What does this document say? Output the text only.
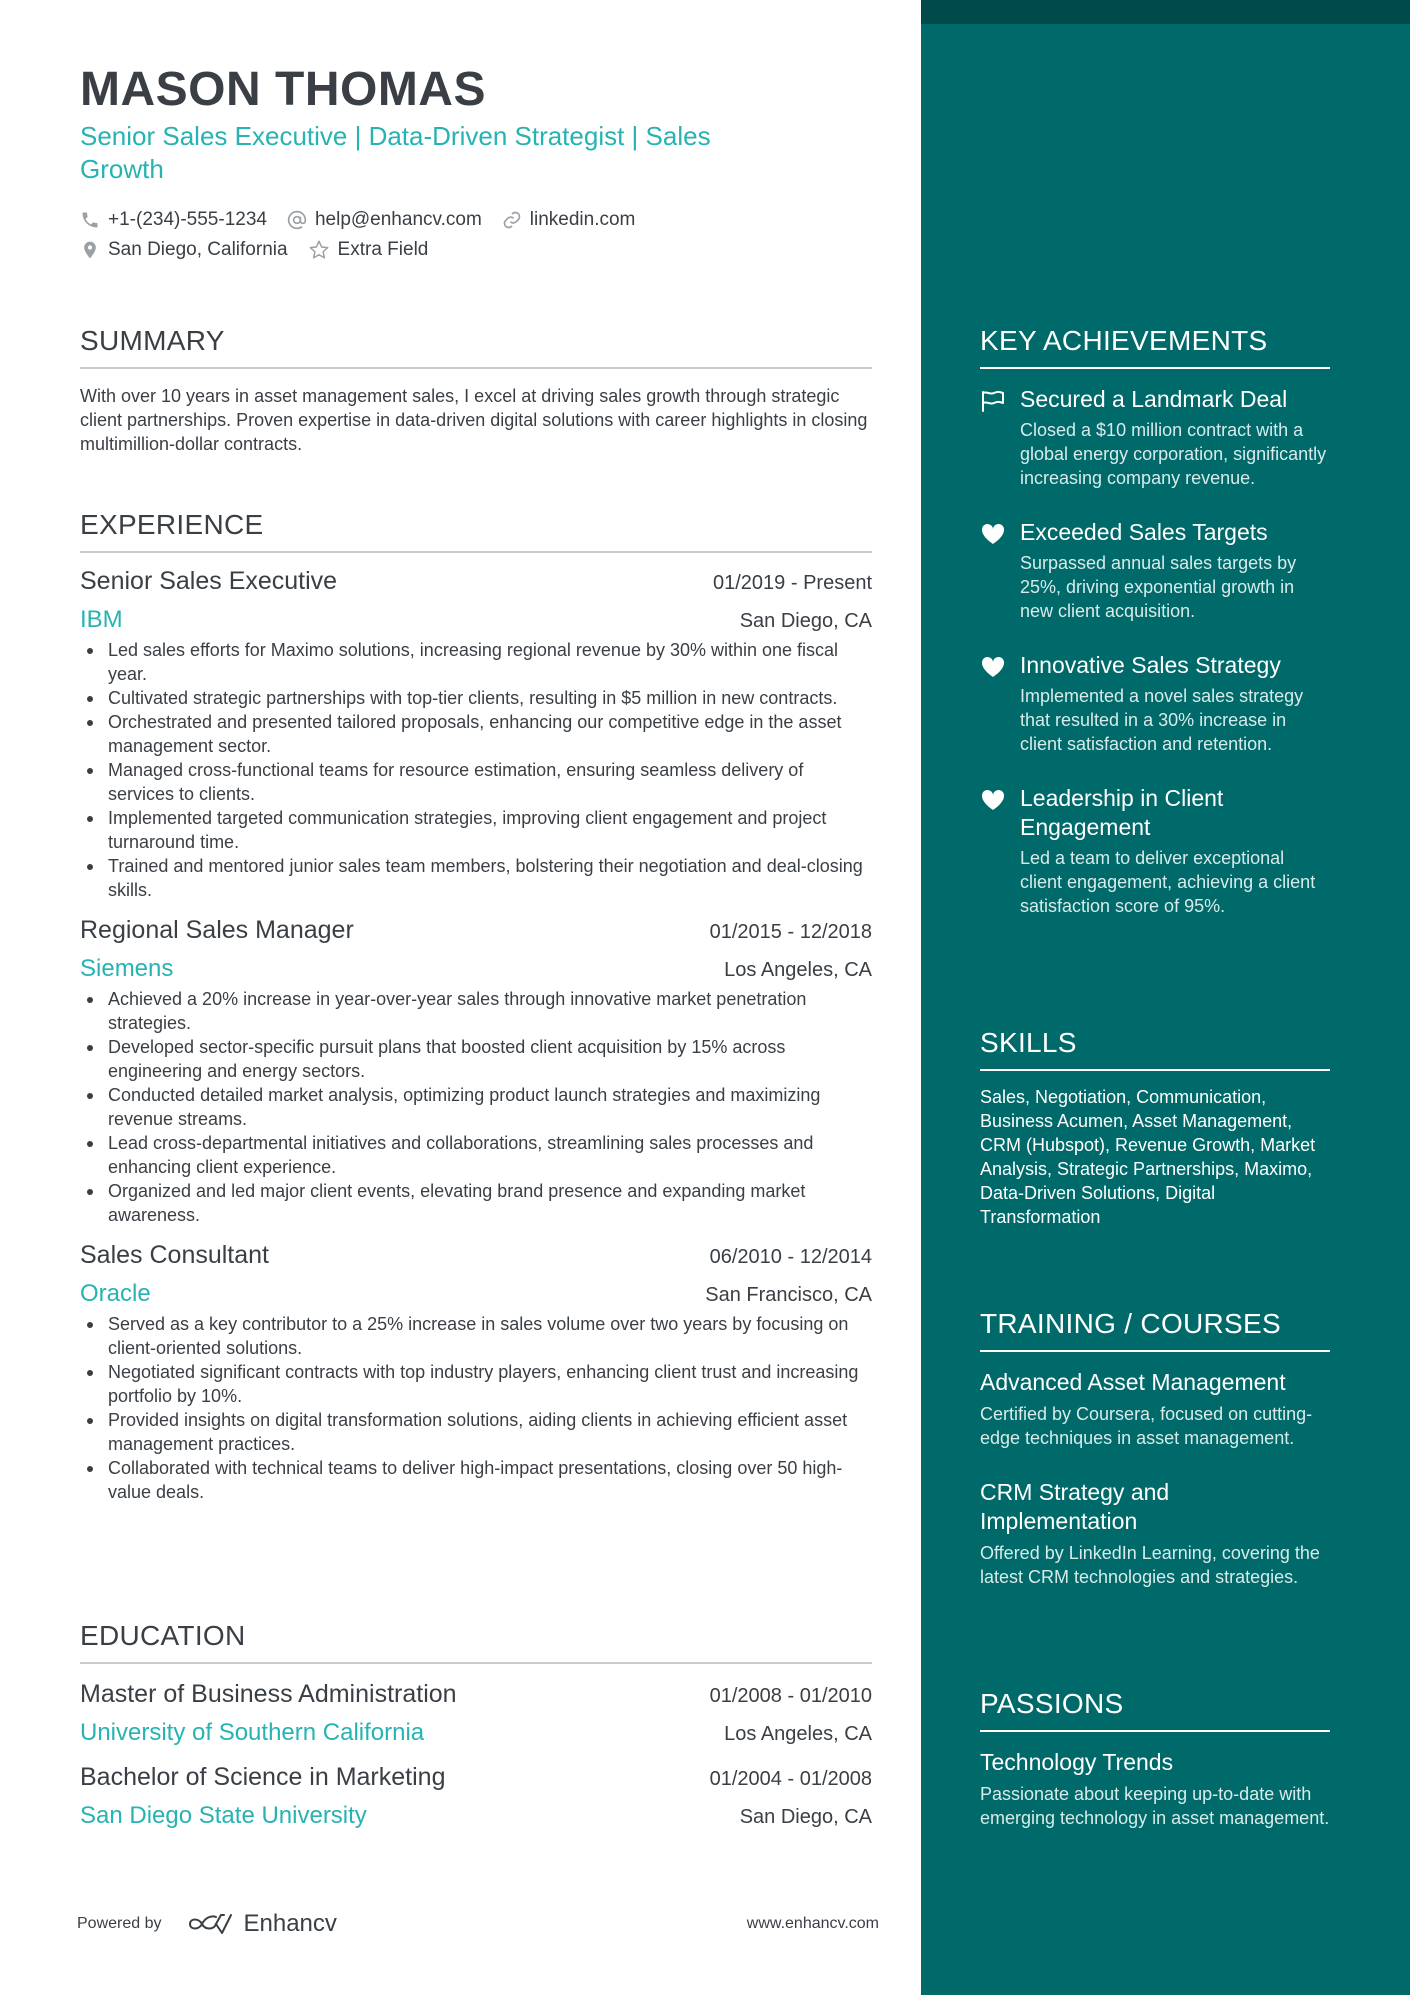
MASON THOMAS
Senior Sales Executive | Data-Driven Strategist | Sales Growth
+1-(234)-555-1234	help@enhancv.com	linkedin.com
San Diego, California	Extra Field
SUMMARY

With over 10 years in asset management sales, I excel at driving sales growth through strategic client partnerships. Proven expertise in data-driven digital solutions with career highlights in closing multimillion-dollar contracts.

EXPERIENCE
Senior Sales Executive	01/2019 - Present
IBM	San Diego, CA
Led sales efforts for Maximo solutions, increasing regional revenue by 30% within one fiscal year.
Cultivated strategic partnerships with top-tier clients, resulting in $5 million in new contracts.
Orchestrated and presented tailored proposals, enhancing our competitive edge in the asset management sector.
Managed cross-functional teams for resource estimation, ensuring seamless delivery of services to clients.
Implemented targeted communication strategies, improving client engagement and project turnaround time.
Trained and mentored junior sales team members, bolstering their negotiation and deal-closing skills.
Regional Sales Manager	01/2015 - 12/2018
Siemens	Los Angeles, CA
Achieved a 20% increase in year-over-year sales through innovative market penetration strategies.
Developed sector-specific pursuit plans that boosted client acquisition by 15% across engineering and energy sectors.
Conducted detailed market analysis, optimizing product launch strategies and maximizing revenue streams.
Lead cross-departmental initiatives and collaborations, streamlining sales processes and enhancing client experience.
Organized and led major client events, elevating brand presence and expanding market awareness.
Sales Consultant	06/2010 - 12/2014
Oracle	San Francisco, CA
Served as a key contributor to a 25% increase in sales volume over two years by focusing on client-oriented solutions.
Negotiated significant contracts with top industry players, enhancing client trust and increasing portfolio by 10%.
Provided insights on digital transformation solutions, aiding clients in achieving efficient asset management practices.
Collaborated with technical teams to deliver high-impact presentations, closing over 50 high-value deals.
EDUCATION
Master of Business Administration	01/2008 - 01/2010
University of Southern California	Los Angeles, CA
Bachelor of Science in Marketing	01/2004 - 01/2008
San Diego State University	San Diego, CA
Powered by	Enhancv	www.enhancv.com
KEY ACHIEVEMENTS
Secured a Landmark Deal
Closed a $10 million contract with a global energy corporation, significantly increasing company revenue.
Exceeded Sales Targets
Surpassed annual sales targets by 25%, driving exponential growth in new client acquisition.
Innovative Sales Strategy
Implemented a novel sales strategy that resulted in a 30% increase in client satisfaction and retention.
Leadership in Client Engagement
Led a team to deliver exceptional client engagement, achieving a client satisfaction score of 95%.
SKILLS

Sales, Negotiation, Communication, Business Acumen, Asset Management, CRM (Hubspot), Revenue Growth, Market Analysis, Strategic Partnerships, Maximo, Data-Driven Solutions, Digital Transformation

TRAINING / COURSES
Advanced Asset Management
Certified by Coursera, focused on cutting-edge techniques in asset management.
CRM Strategy and Implementation
Offered by LinkedIn Learning, covering the latest CRM technologies and strategies.
PASSIONS
Technology Trends
Passionate about keeping up-to-date with emerging technology in asset management.
